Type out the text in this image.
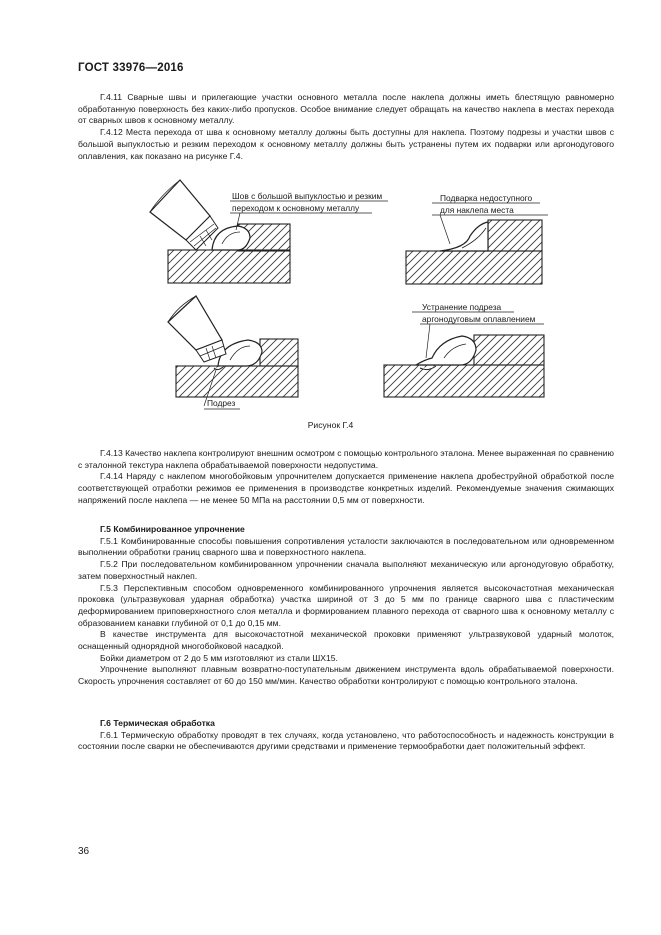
ГОСТ 33976—2016

Г.4.11 Сварные швы и прилегающие участки основного металла после наклепа должны иметь блестящую равномерно обработанную поверхность без каких-либо пропусков. Особое внимание следует обращать на качество наклепа в местах перехода от сварных швов к основному металлу.

Г.4.12 Места перехода от шва к основному металлу должны быть доступны для наклепа. Поэтому подрезы и участки швов с большой выпуклостью и резким переходом к основному металлу должны быть устранены путем их подварки или аргонодугового оплавления, как показано на рисунке Г.4.

Шов с большой выпуклостью и резким
переходом к основному металлу
Подварка недоступного
для наклепа места
Подрез
Устранение подреза
аргонодуговым оплавлением
Рисунок Г.4

Г.4.13 Качество наклепа контролируют внешним осмотром с помощью контрольного эталона. Менее выраженная по сравнению с эталонной текстура наклепа обрабатываемой поверхности недопустима.

Г.4.14 Наряду с наклепом многобойковым упрочнителем допускается применение наклепа дробеструйной обработкой после соответствующей отработки режимов ее применения в производстве конкретных изделий. Рекомендуемые значения сжимающих напряжений после наклепа — не менее 50 МПа на расстоянии 0,5 мм от поверхности.

Г.5 Комбинированное упрочнение

Г.5.1 Комбинированные способы повышения сопротивления усталости заключаются в последовательном или одновременном выполнении обработки границ сварного шва и поверхностного наклепа.

Г.5.2 При последовательном комбинированном упрочнении сначала выполняют механическую или аргонодуговую обработку, затем поверхностный наклеп.

Г.5.3 Перспективным способом одновременного комбинированного упрочнения является высокочастотная механическая проковка (ультразвуковая ударная обработка) участка шириной от 3 до 5 мм по границе сварного шва с пластическим деформированием приповерхностного слоя металла и формированием плавного перехода от сварного шва к основному металлу с образованием канавки глубиной от 0,1 до 0,15 мм.

В качестве инструмента для высокочастотной механической проковки применяют ультразвуковой ударный молоток, оснащенный однорядной многобойковой насадкой.

Бойки диаметром от 2 до 5 мм изготовляют из стали ШХ15.

Упрочнение выполняют плавным возвратно-поступательным движением инструмента вдоль обрабатываемой поверхности. Скорость упрочнения составляет от 60 до 150 мм/мин. Качество обработки контролируют с помощью контрольного эталона.

Г.6 Термическая обработка

Г.6.1 Термическую обработку проводят в тех случаях, когда установлено, что работоспособность и надежность конструкции в состоянии после сварки не обеспечиваются другими средствами и применение термообработки дает положительный эффект.

36
